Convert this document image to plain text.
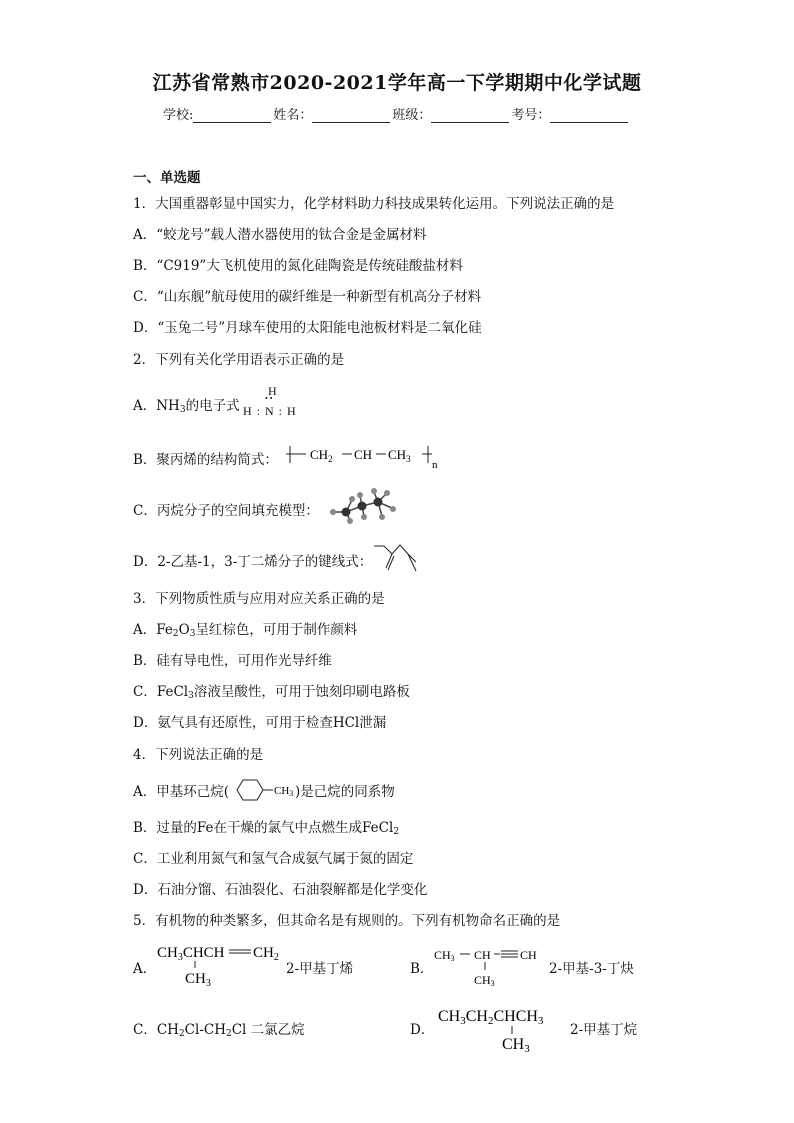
江苏省常熟市2020-2021学年高一下学期期中化学试题
学校:	姓名：	班级：	考号：
一、单选题
1．大国重器彰显中国实力，化学材料助力科技成果转化运用。下列说法正确的是
A．“蛟龙号”载人潜水器使用的钛合金是金属材料
B．“C919”大飞机使用的氮化硅陶瓷是传统硅酸盐材料
C．“山东舰”航母使用的碳纤维是一种新型有机高分子材料
D．“玉兔二号”月球车使用的太阳能电池板材料是二氧化硅
2．下列有关化学用语表示正确的是
A．$NH_3$的电子式
H
• •
H : N : H
B．聚丙烯的结构简式： $CH_2$ CH $CH_3$ n
C．丙烷分子的空间填充模型：
D．2-乙基-1，3-丁二烯分子的键线式：
3．下列物质性质与应用对应关系正确的是
A．$Fe_2O_3$呈红棕色，可用于制作颜料
B．硅有导电性，可用作光导纤维
C．FeCl$_3$溶液呈酸性，可用于蚀刻印刷电路板
D．氨气具有还原性，可用于检查HCl泄漏
4．下列说法正确的是
A．甲基环己烷(	CH3 )是己烷的同系物
B．过量的Fe在干燥的氯气中点燃生成FeCl$_2$
C．工业利用氮气和氢气合成氨气属于氮的固定
D．石油分馏、石油裂化、石油裂解都是化学变化
5．有机物的种类繁多，但其命名是有规则的。下列有机物命名正确的是
A．
$CH_3CHCH$ $CH_2$
$CH_3$
2-甲基丁烯	B．
CH3 CH CH
CH3
2-甲基-3-丁炔
C．$CH_2Cl-CH_2Cl$ 二氯乙烷	D．
CH3CH2CHCH3
CH3
2-甲基丁烷
